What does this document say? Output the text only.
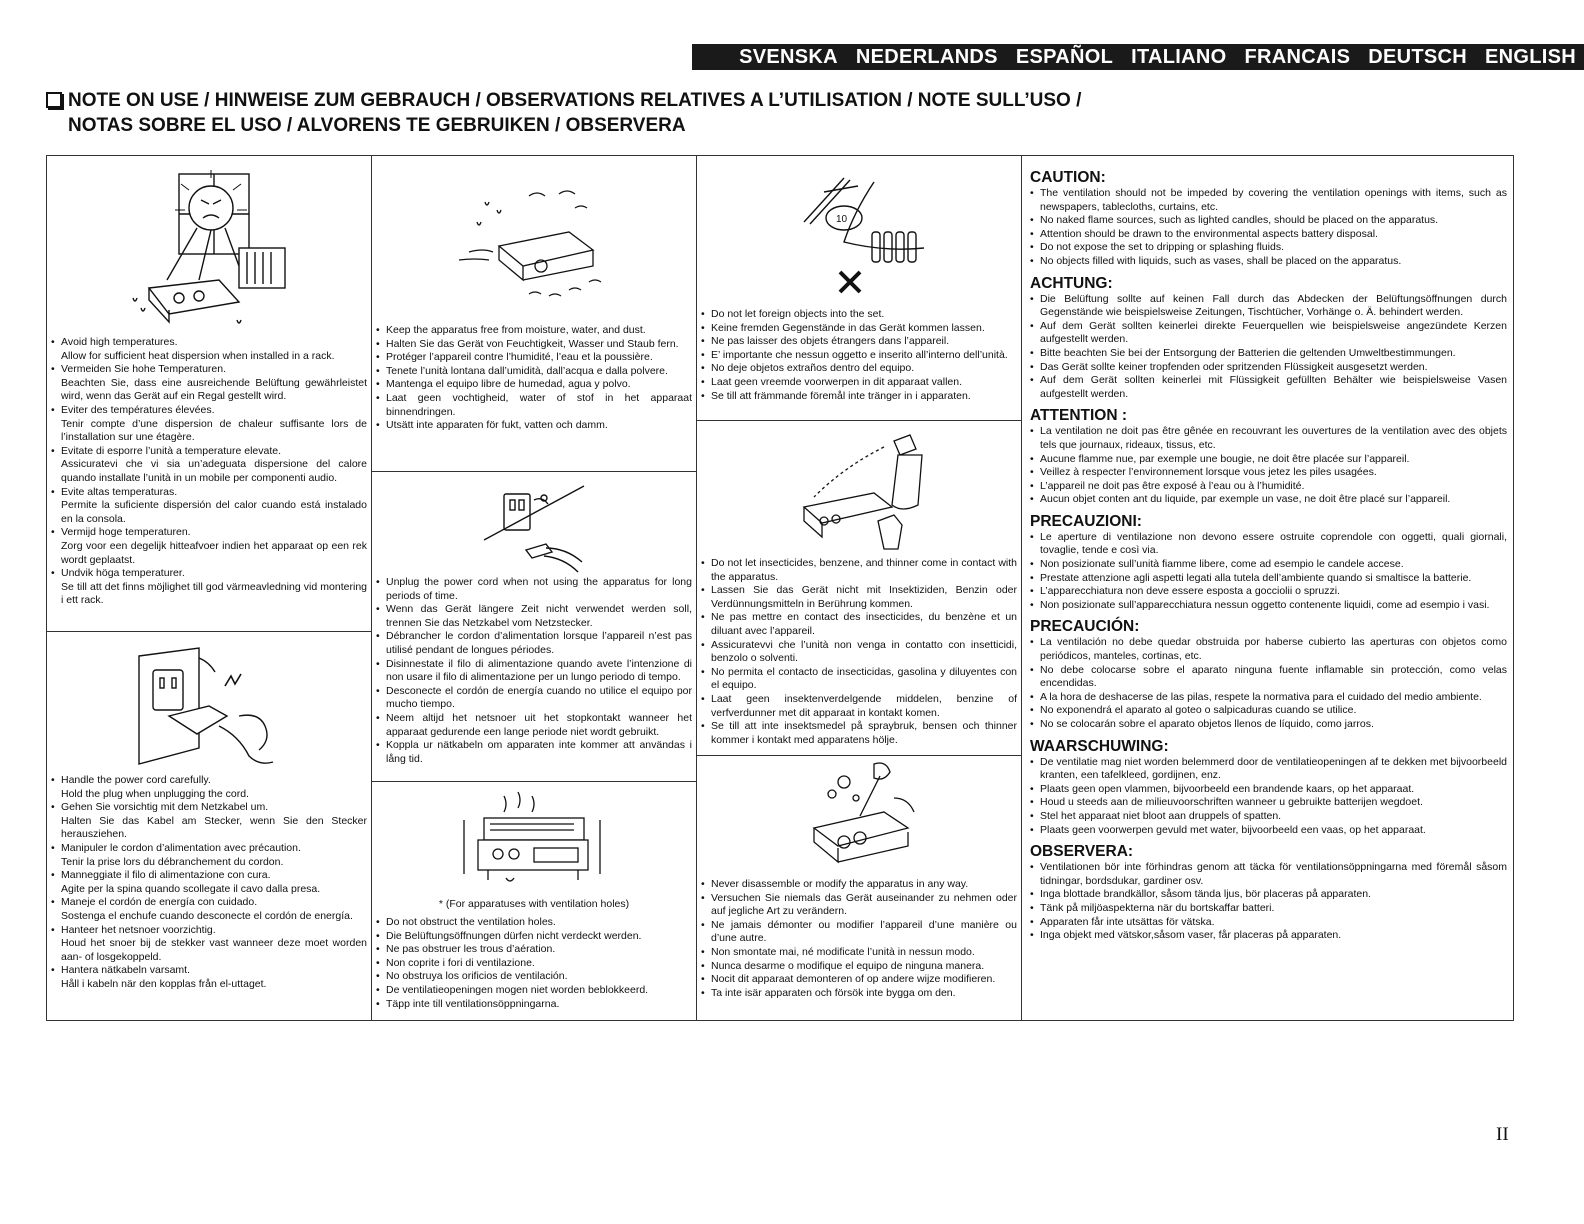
SVENSKA NEDERLANDS ESPAÑOL ITALIANO FRANCAIS DEUTSCH ENGLISH
NOTE ON USE / HINWEISE ZUM GEBRAUCH / OBSERVATIONS RELATIVES A L’UTILISATION / NOTE SULL’USO /
NOTAS SOBRE EL USO / ALVORENS TE GEBRUIKEN / OBSERVERA
• Avoid high temperatures.
Allow for sufficient heat dispersion when installed in a rack.
• Vermeiden Sie hohe Temperaturen.
Beachten Sie, dass eine ausreichende Belüftung gewährleistet wird, wenn das Gerät auf ein Regal gestellt wird.
• Eviter des températures élevées.
Tenir compte d’une dispersion de chaleur suffisante lors de l’installation sur une étagère.
• Evitate di esporre l’unità a temperature elevate.
Assicuratevi che vi sia un’adeguata dispersione del calore quando installate l’unità in un mobile per componenti audio.
• Evite altas temperaturas.
Permite la suficiente dispersión del calor cuando está instalado en la consola.
• Vermijd hoge temperaturen.
Zorg voor een degelijk hitteafvoer indien het apparaat op een rek wordt geplaatst.
• Undvik höga temperaturer.
Se till att det finns möjlighet till god värmeavledning vid montering i ett rack.
• Handle the power cord carefully.
Hold the plug when unplugging the cord.
• Gehen Sie vorsichtig mit dem Netzkabel um.
Halten Sie das Kabel am Stecker, wenn Sie den Stecker herausziehen.
• Manipuler le cordon d’alimentation avec précaution.
Tenir la prise lors du débranchement du cordon.
• Manneggiate il filo di alimentazione con cura.
Agite per la spina quando scollegate il cavo dalla presa.
• Maneje el cordón de energía con cuidado.
Sostenga el enchufe cuando desconecte el cordón de energía.
• Hanteer het netsnoer voorzichtig.
Houd het snoer bij de stekker vast wanneer deze moet worden aan- of losgekoppeld.
• Hantera nätkabeln varsamt.
Håll i kabeln när den kopplas från el-uttaget.
• Keep the apparatus free from moisture, water, and dust.
• Halten Sie das Gerät von Feuchtigkeit, Wasser und Staub fern.
• Protéger l’appareil contre l’humidité, l’eau et la poussière.
• Tenete l’unità lontana dall’umidità, dall’acqua e dalla polvere.
• Mantenga el equipo libre de humedad, agua y polvo.
• Laat geen vochtigheid, water of stof in het apparaat binnendringen.
• Utsätt inte apparaten för fukt, vatten och damm.
• Unplug the power cord when not using the apparatus for long periods of time.
• Wenn das Gerät längere Zeit nicht verwendet werden soll, trennen Sie das Netzkabel vom Netzstecker.
• Débrancher le cordon d’alimentation lorsque l’appareil n’est pas utilisé pendant de longues périodes.
• Disinnestate il filo di alimentazione quando avete l’intenzione di non usare il filo di alimentazione per un lungo periodo di tempo.
• Desconecte el cordón de energía cuando no utilice el equipo por mucho tiempo.
• Neem altijd het netsnoer uit het stopkontakt wanneer het apparaat gedurende een lange periode niet wordt gebruikt.
• Koppla ur nätkabeln om apparaten inte kommer att användas i lång tid.
* (For apparatuses with ventilation holes)
• Do not obstruct the ventilation holes.
• Die Belüftungsöffnungen dürfen nicht verdeckt werden.
• Ne pas obstruer les trous d’aération.
• Non coprite i fori di ventilazione.
• No obstruya los orificios de ventilación.
• De ventilatieopeningen mogen niet worden beblokkeerd.
• Täpp inte till ventilationsöppningarna.
10
• Do not let foreign objects into the set.
• Keine fremden Gegenstände in das Gerät kommen lassen.
• Ne pas laisser des objets étrangers dans l’appareil.
• E’ importante che nessun oggetto e inserito all’interno dell’unità.
• No deje objetos extraños dentro del equipo.
• Laat geen vreemde voorwerpen in dit apparaat vallen.
• Se till att främmande föremål inte tränger in i apparaten.
• Do not let insecticides, benzene, and thinner come in contact with the apparatus.
• Lassen Sie das Gerät nicht mit Insektiziden, Benzin oder Verdünnungsmitteln in Berührung kommen.
• Ne pas mettre en contact des insecticides, du benzène et un diluant avec l’appareil.
• Assicuratevvi che l’unità non venga in contatto con insetticidi, benzolo o solventi.
• No permita el contacto de insecticidas, gasolina y diluyentes con el equipo.
• Laat geen insektenverdelgende middelen, benzine of verfverdunner met dit apparaat in kontakt komen.
• Se till att inte insektsmedel på spraybruk, bensen och thinner kommer i kontakt med apparatens hölje.
• Never disassemble or modify the apparatus in any way.
• Versuchen Sie niemals das Gerät auseinander zu nehmen oder auf jegliche Art zu verändern.
• Ne jamais démonter ou modifier l’appareil d’une manière ou d’une autre.
• Non smontate mai, né modificate l’unità in nessun modo.
• Nunca desarme o modifique el equipo de ninguna manera.
• Nocit dit apparaat demonteren of op andere wijze modifieren.
• Ta inte isär apparaten och försök inte bygga om den.
CAUTION:
• The ventilation should not be impeded by covering the ventilation openings with items, such as newspapers, tablecloths, curtains, etc.
• No naked flame sources, such as lighted candles, should be placed on the apparatus.
• Attention should be drawn to the environmental aspects battery disposal.
• Do not expose the set to dripping or splashing fluids.
• No objects filled with liquids, such as vases, shall be placed on the apparatus.
ACHTUNG:
• Die Belüftung sollte auf keinen Fall durch das Abdecken der Belüftungsöffnungen durch Gegenstände wie beispielsweise Zeitungen, Tischtücher, Vorhänge o. Ä. behindert werden.
• Auf dem Gerät sollten keinerlei direkte Feuerquellen wie beispielsweise angezündete Kerzen aufgestellt werden.
• Bitte beachten Sie bei der Entsorgung der Batterien die geltenden Umweltbestimmungen.
• Das Gerät sollte keiner tropfenden oder spritzenden Flüssigkeit ausgesetzt werden.
• Auf dem Gerät sollten keinerlei mit Flüssigkeit gefüllten Behälter wie beispielsweise Vasen aufgestellt werden.
ATTENTION :
• La ventilation ne doit pas être gênée en recouvrant les ouvertures de la ventilation avec des objets tels que journaux, rideaux, tissus, etc.
• Aucune flamme nue, par exemple une bougie, ne doit être placée sur l’appareil.
• Veillez à respecter l’environnement lorsque vous jetez les piles usagées.
• L’appareil ne doit pas être exposé à l’eau ou à l’humidité.
• Aucun objet conten ant du liquide, par exemple un vase, ne doit être placé sur l’appareil.
PRECAUZIONI:
• Le aperture di ventilazione non devono essere ostruite coprendole con oggetti, quali giornali, tovaglie, tende e così via.
• Non posizionate sull’unità fiamme libere, come ad esempio le candele accese.
• Prestate attenzione agli aspetti legati alla tutela dell’ambiente quando si smaltisce la batterie.
• L’apparecchiatura non deve essere esposta a gocciolii o spruzzi.
• Non posizionate sull’apparecchiatura nessun oggetto contenente liquidi, come ad esempio i vasi.
PRECAUCIÓN:
• La ventilación no debe quedar obstruida por haberse cubierto las aperturas con objetos como periódicos, manteles, cortinas, etc.
• No debe colocarse sobre el aparato ninguna fuente inflamable sin protección, como velas encendidas.
• A la hora de deshacerse de las pilas, respete la normativa para el cuidado del medio ambiente.
• No exponendrá el aparato al goteo o salpicaduras cuando se utilice.
• No se colocarán sobre el aparato objetos llenos de líquido, como jarros.
WAARSCHUWING:
• De ventilatie mag niet worden belemmerd door de ventilatieopeningen af te dekken met bijvoorbeeld kranten, een tafelkleed, gordijnen, enz.
• Plaats geen open vlammen, bijvoorbeeld een brandende kaars, op het apparaat.
• Houd u steeds aan de milieuvoorschriften wanneer u gebruikte batterijen wegdoet.
• Stel het apparaat niet bloot aan druppels of spatten.
• Plaats geen voorwerpen gevuld met water, bijvoorbeeld een vaas, op het apparaat.
OBSERVERA:
• Ventilationen bör inte förhindras genom att täcka för ventilationsöppningarna med föremål såsom tidningar, bordsdukar, gardiner osv.
• Inga blottade brandkällor, såsom tända ljus, bör placeras på apparaten.
• Tänk på miljöaspekterna när du bortskaffar batteri.
• Apparaten får inte utsättas för vätska.
• Inga objekt med vätskor,såsom vaser, får placeras på apparaten.
II
